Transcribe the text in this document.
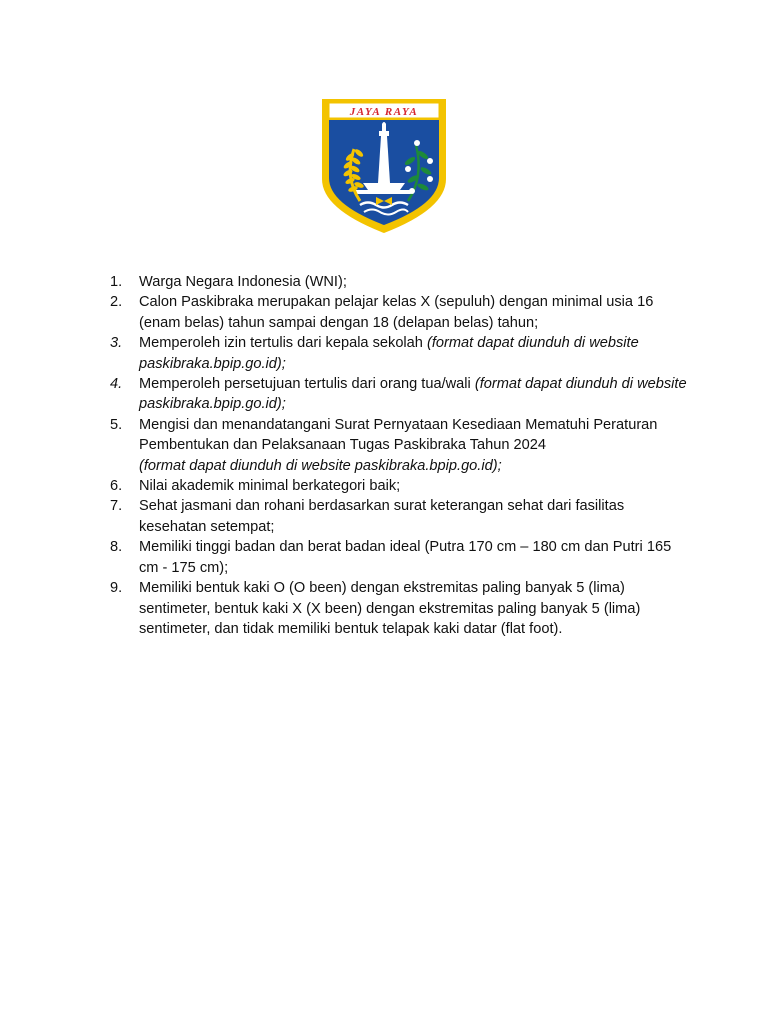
JAYA RAYA
1. Warga Negara Indonesia (WNI);
2. Calon Paskibraka merupakan pelajar kelas X (sepuluh) dengan minimal usia 16 (enam belas) tahun sampai dengan 18 (delapan belas) tahun;
3. Memperoleh izin tertulis dari kepala sekolah (format dapat diunduh di website paskibraka.bpip.go.id);
4. Memperoleh persetujuan tertulis dari orang tua/wali (format dapat diunduh di website paskibraka.bpip.go.id);
5. Mengisi dan menandatangani Surat Pernyataan Kesediaan Mematuhi Peraturan Pembentukan dan Pelaksanaan Tugas Paskibraka Tahun 2024
(format dapat diunduh di website paskibraka.bpip.go.id);
6. Nilai akademik minimal berkategori baik;
7. Sehat jasmani dan rohani berdasarkan surat keterangan sehat dari fasilitas kesehatan setempat;
8. Memiliki tinggi badan dan berat badan ideal (Putra 170 cm – 180 cm dan Putri 165 cm - 175 cm);
9. Memiliki bentuk kaki O (O been) dengan ekstremitas paling banyak 5 (lima) sentimeter, bentuk kaki X (X been) dengan ekstremitas paling banyak 5 (lima) sentimeter, dan tidak memiliki bentuk telapak kaki datar (flat foot).
